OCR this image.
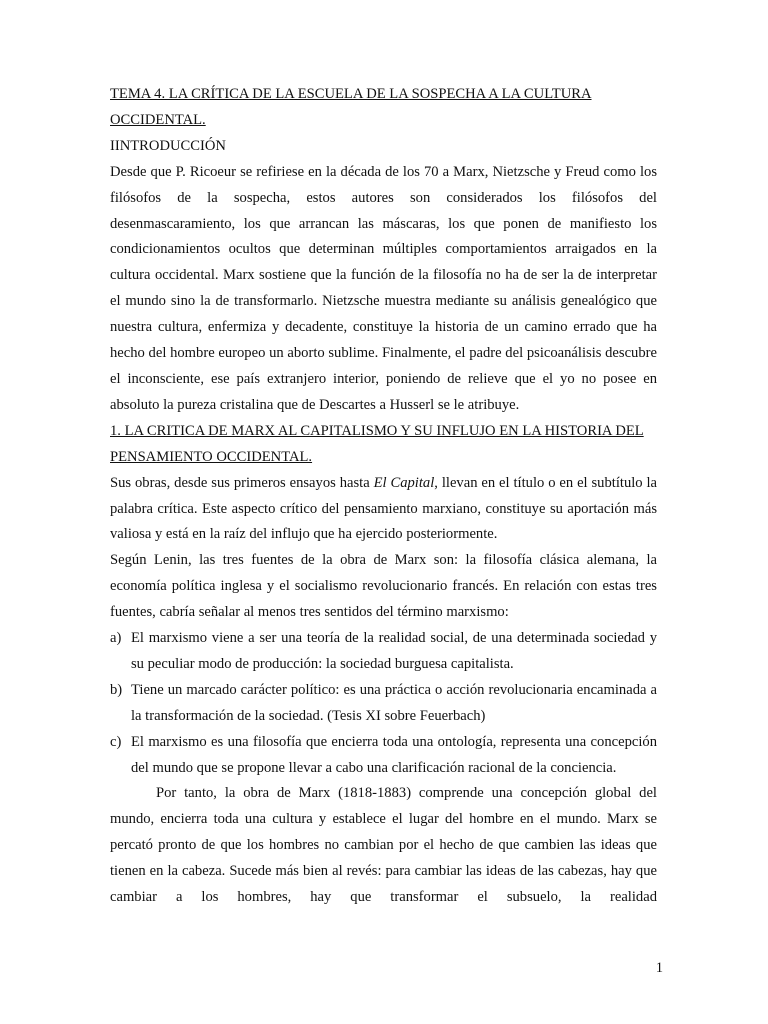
TEMA 4. LA CRÍTICA DE LA ESCUELA DE LA SOSPECHA A LA CULTURA OCCIDENTAL.

IINTRODUCCIÓN

Desde que P. Ricoeur se refiriese en la década de los 70 a Marx, Nietzsche y Freud como los filósofos de la sospecha, estos autores son considerados los filósofos del desenmascaramiento, los que arrancan las máscaras, los que ponen de manifiesto los condicionamientos ocultos que determinan múltiples comportamientos arraigados en la cultura occidental. Marx sostiene que la función de la filosofía no ha de ser la de interpretar el mundo sino la de transformarlo. Nietzsche muestra mediante su análisis genealógico que nuestra cultura, enfermiza y decadente, constituye la historia de un camino errado que ha hecho del hombre europeo un aborto sublime. Finalmente, el padre del psicoanálisis descubre el inconsciente, ese país extranjero interior, poniendo de relieve que el yo no posee en absoluto la pureza cristalina que de Descartes a Husserl se le atribuye.

1. LA CRITICA DE MARX AL CAPITALISMO Y SU INFLUJO EN LA HISTORIA DEL PENSAMIENTO OCCIDENTAL.

Sus obras, desde sus primeros ensayos hasta El Capital, llevan en el título o en el subtítulo la palabra crítica. Este aspecto crítico del pensamiento marxiano, constituye su aportación más valiosa y está en la raíz del influjo que ha ejercido posteriormente.

Según Lenin, las tres fuentes de la obra de Marx son: la filosofía clásica alemana, la economía política inglesa y el socialismo revolucionario francés. En relación con estas tres fuentes, cabría señalar al menos tres sentidos del término marxismo:

a) El marxismo viene a ser una teoría de la realidad social, de una determinada sociedad y su peculiar modo de producción: la sociedad burguesa capitalista.
b) Tiene un marcado carácter político: es una práctica o acción revolucionaria encaminada a la transformación de la sociedad. (Tesis XI sobre Feuerbach)
c) El marxismo es una filosofía que encierra toda una ontología, representa una concepción del mundo que se propone llevar a cabo una clarificación racional de la conciencia.

Por tanto, la obra de Marx (1818-1883) comprende una concepción global del mundo, encierra toda una cultura y establece el lugar del hombre en el mundo. Marx se percató pronto de que los hombres no cambian por el hecho de que cambien las ideas que tienen en la cabeza. Sucede más bien al revés: para cambiar las ideas de las cabezas, hay que cambiar a los hombres, hay que transformar el subsuelo, la realidad

1
